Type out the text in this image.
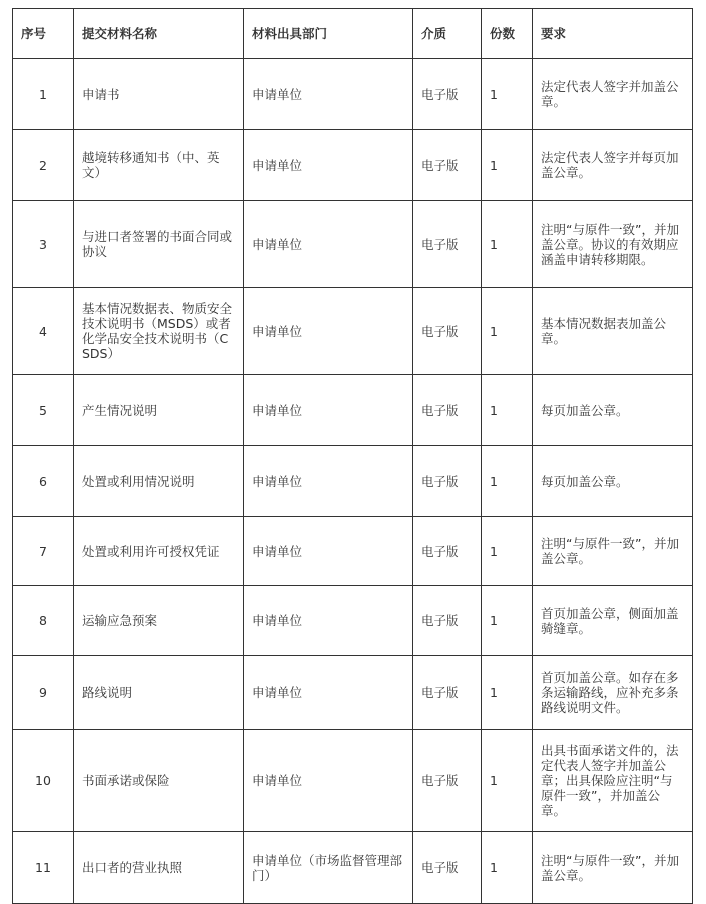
序号	提交材料名称	材料出具部门	介质	份数	要求
1	申请书	申请单位	电子版	1	法定代表人签字并加盖公章。
2	越境转移通知书（中、英文）	申请单位	电子版	1	法定代表人签字并每页加盖公章。
3	与进口者签署的书面合同或协议	申请单位	电子版	1	注明“与原件一致”，并加盖公章。协议的有效期应涵盖申请转移期限。
4	基本情况数据表、物质安全技术说明书（MSDS）或者化学品安全技术说明书（CSDS）	申请单位	电子版	1	基本情况数据表加盖公章。
5	产生情况说明	申请单位	电子版	1	每页加盖公章。
6	处置或利用情况说明	申请单位	电子版	1	每页加盖公章。
7	处置或利用许可授权凭证	申请单位	电子版	1	注明“与原件一致”，并加盖公章。
8	运输应急预案	申请单位	电子版	1	首页加盖公章，侧面加盖骑缝章。
9	路线说明	申请单位	电子版	1	首页加盖公章。如存在多条运输路线，应补充多条路线说明文件。
10	书面承诺或保险	申请单位	电子版	1	出具书面承诺文件的，法定代表人签字并加盖公章；出具保险应注明“与原件一致”，并加盖公章。
11	出口者的营业执照	申请单位（市场监督管理部门）	电子版	1	注明“与原件一致”，并加盖公章。
